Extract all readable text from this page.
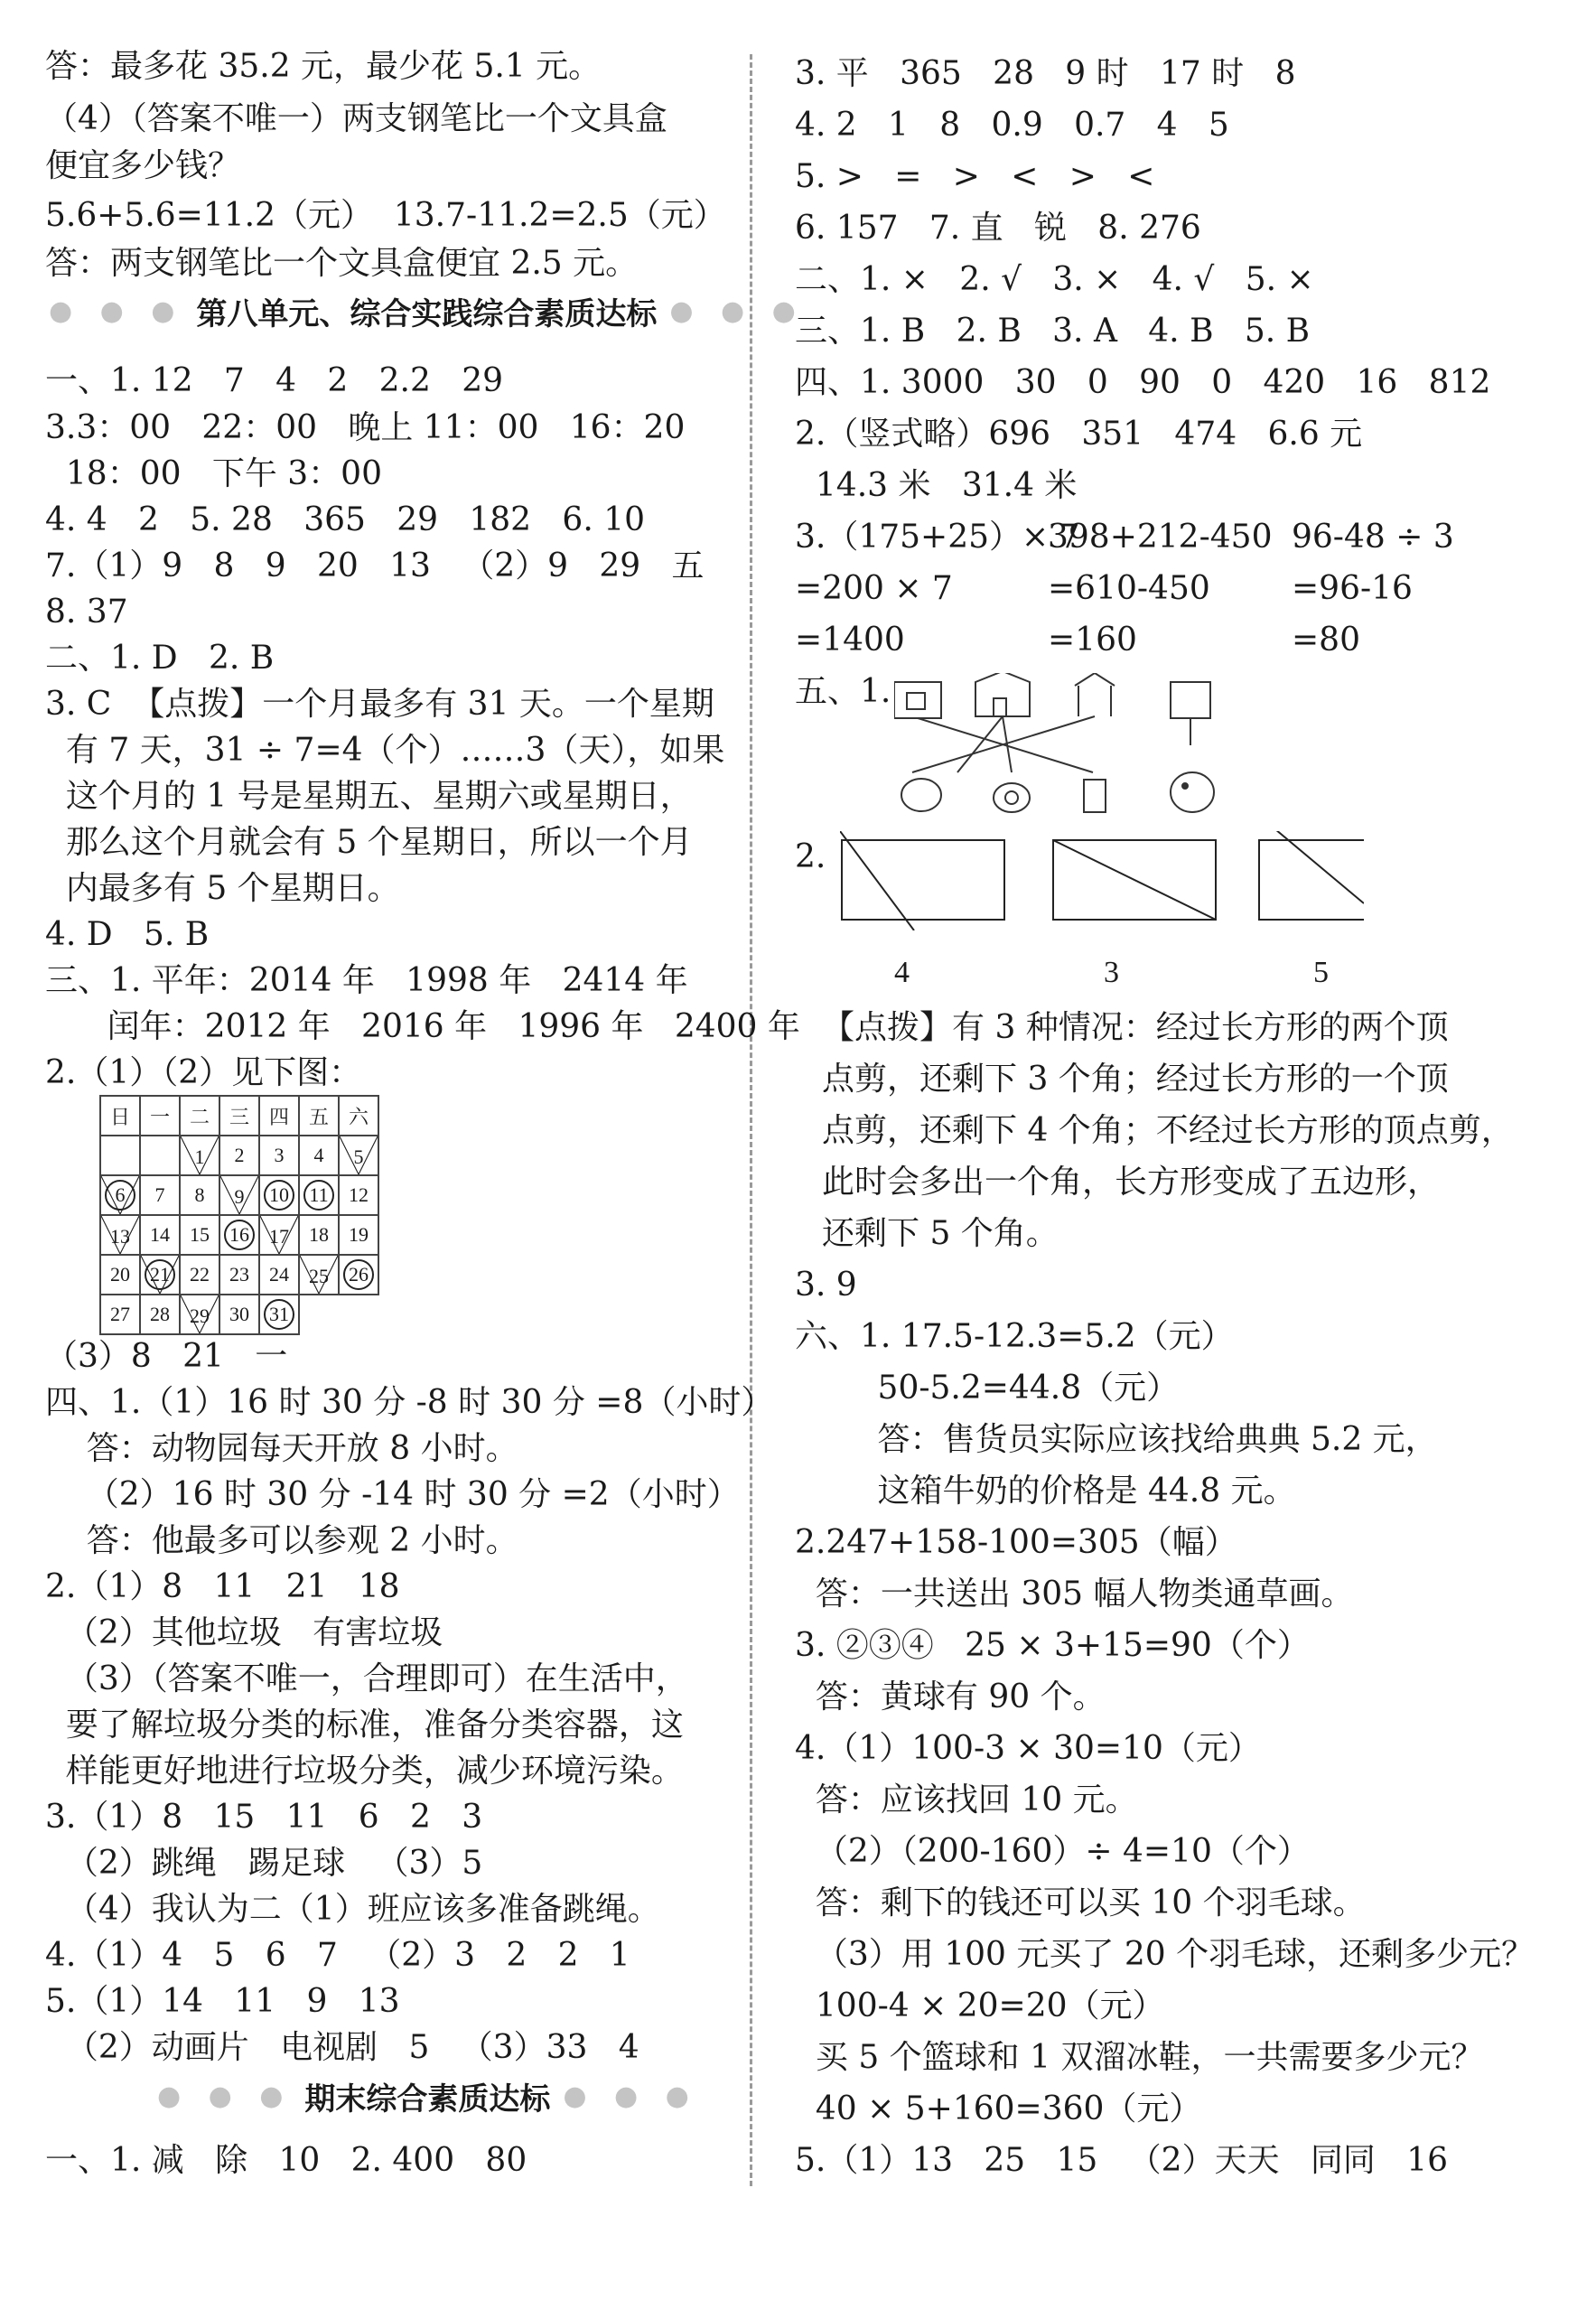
答：最多花 35.2 元，最少花 5.1 元。
（4）（答案不唯一）两支钢笔比一个文具盒
便宜多少钱？
5.6+5.6=11.2（元）  13.7-11.2=2.5（元）
答：两支钢笔比一个文具盒便宜 2.5 元。
● ● ● 第八单元、综合实践综合素质达标 ● ● ●
一、1. 12   7   4   2   2.2   29
3.3：00   22：00   晚上 11：00   16：20
18：00   下午 3：00
4. 4   2   5. 28   365   29   182   6. 10
7.（1）9   8   9   20   13   （2）9   29   五
8. 37
二、1. D   2. B
3. C  【点拨】一个月最多有 31 天。一个星期
有 7 天，31 ÷ 7=4（个）……3（天），如果
这个月的 1 号是星期五、星期六或星期日，
那么这个月就会有 5 个星期日，所以一个月
内最多有 5 个星期日。
4. D   5. B
三、1. 平年：2014 年   1998 年   2414 年
闰年：2012 年   2016 年   1996 年   2400 年
2.（1）（2）见下图：
日	一	二	三	四	五	六
		1	2	3	4	5
6	7	8	9	10	11	12
13	14	15	16	17	18	19
20	21	22	23	24	25	26
27	28	29	30	31		
（3）8   21   一
四、1.（1）16 时 30 分 -8 时 30 分 =8（小时）
答：动物园每天开放 8 小时。
（2）16 时 30 分 -14 时 30 分 =2（小时）
答：他最多可以参观 2 小时。
2.（1）8   11   21   18
（2）其他垃圾   有害垃圾
（3）（答案不唯一，合理即可）在生活中，
要了解垃圾分类的标准，准备分类容器，这
样能更好地进行垃圾分类，减少环境污染。
3.（1）8   15   11   6   2   3
（2）跳绳   踢足球   （3）5
（4）我认为二（1）班应该多准备跳绳。
4.（1）4   5   6   7   （2）3   2   2   1
5.（1）14   11   9   13
（2）动画片   电视剧   5   （3）33   4
● ● ● 期末综合素质达标 ● ● ●
一、1. 减   除   10   2. 400   80
3. 平   365   28   9 时   17 时   8
4. 2   1   8   0.9   0.7   4   5
5. >   =   >   <   >   <
6. 157   7. 直   锐   8. 276
二、1. ×   2. √   3. ×   4. √   5. ×
三、1. B   2. B   3. A   4. B   5. B
四、1. 3000   30   0   90   0   420   16   812
2.（竖式略）696   351   474   6.6 元
14.3 米   31.4 米
3.（175+25）× 7
=200 × 7
=1400
398+212-450
=610-450
=160
96-48 ÷ 3
=96-16
=80
五、1.
2.
4	3	5
【点拨】有 3 种情况：经过长方形的两个顶
点剪，还剩下 3 个角；经过长方形的一个顶
点剪，还剩下 4 个角；不经过长方形的顶点剪，
此时会多出一个角，长方形变成了五边形，
还剩下 5 个角。
3. 9
六、1. 17.5-12.3=5.2（元）
50-5.2=44.8（元）
答：售货员实际应该找给典典 5.2 元，
这箱牛奶的价格是 44.8 元。
2.247+158-100=305（幅）
答：一共送出 305 幅人物类通草画。
3. ②③④   25 × 3+15=90（个）
答：黄球有 90 个。
4.（1）100-3 × 30=10（元）
答：应该找回 10 元。
（2）（200-160）÷ 4=10（个）
答：剩下的钱还可以买 10 个羽毛球。
（3）用 100 元买了 20 个羽毛球，还剩多少元？
100-4 × 20=20（元）
买 5 个篮球和 1 双溜冰鞋，一共需要多少元？
40 × 5+160=360（元）
5.（1）13   25   15   （2）天天   同同   16
